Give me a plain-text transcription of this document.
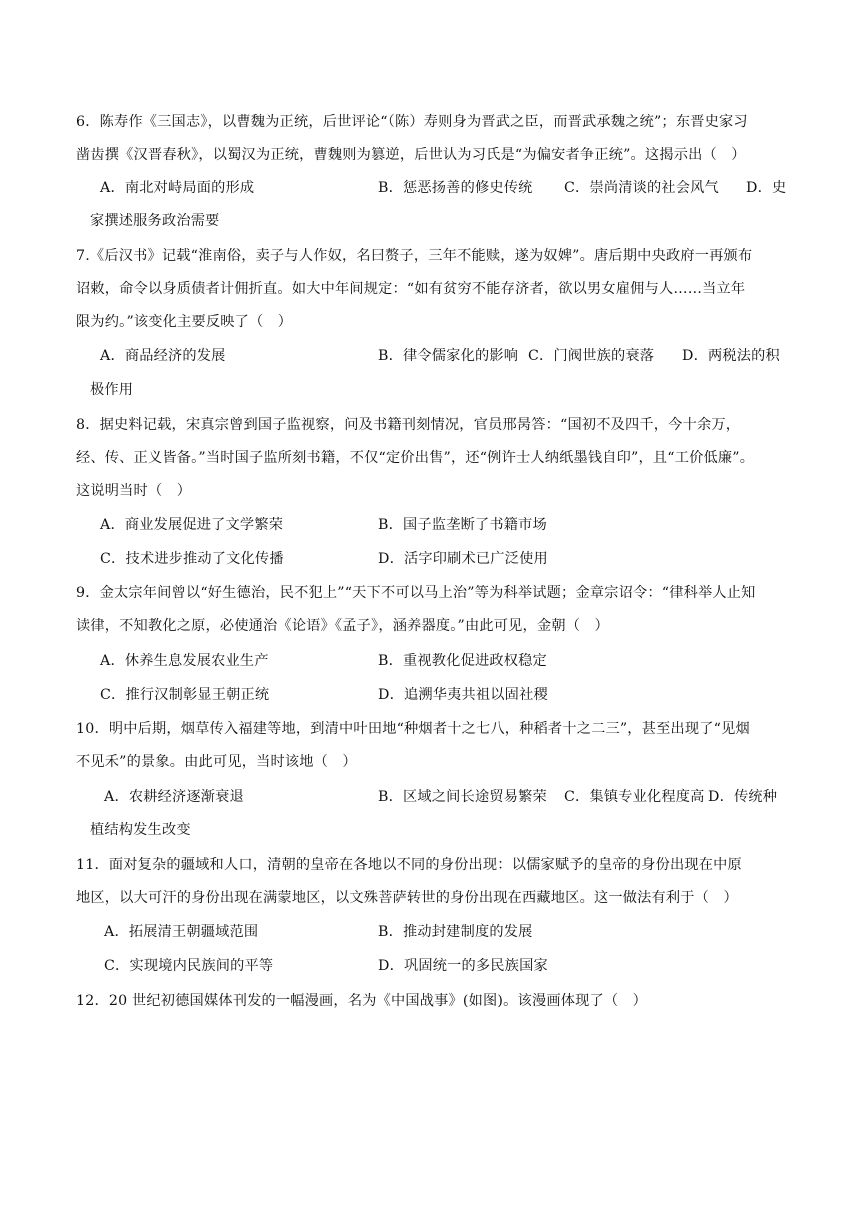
6．陈寿作《三国志》，以曹魏为正统，后世评论“（陈）寿则身为晋武之臣，而晋武承魏之统”；东晋史家习
凿齿撰《汉晋春秋》，以蜀汉为正统，曹魏则为篡逆，后世认为习氏是“为偏安者争正统”。这揭示出（　）
A．南北对峙局面的形成	B．惩恶扬善的修史传统 C．崇尚清谈的社会风气 D．史
家撰述服务政治需要
7.《后汉书》记载“淮南俗，卖子与人作奴，名曰赘子，三年不能赎，遂为奴婢”。唐后期中央政府一再颁布
诏敕，命令以身质债者计佣折直。如大中年间规定：“如有贫穷不能存济者，欲以男女雇佣与人……当立年
限为约。”该变化主要反映了（　）
A．商品经济的发展	B．律令儒家化的影响 C．门阀世族的衰落 D．两税法的积
极作用
8．据史料记载，宋真宗曾到国子监视察，问及书籍刊刻情况，官员邢昺答：“国初不及四千，今十余万，
经、传、正义皆备。”当时国子监所刻书籍，不仅“定价出售”，还“例许士人纳纸墨钱自印”，且“工价低廉”。
这说明当时（　）
A．商业发展促进了文学繁荣	B．国子监垄断了书籍市场
C．技术进步推动了文化传播	D．活字印刷术已广泛使用
9．金太宗年间曾以“好生德治，民不犯上”“天下不可以马上治”等为科举试题；金章宗诏令：“律科举人止知
读律，不知教化之原，必使通治《论语》《孟子》，涵养器度。”由此可见，金朝（　）
A．休养生息发展农业生产	B．重视教化促进政权稳定
C．推行汉制彰显王朝正统	D．追溯华夷共祖以固社稷
10．明中后期，烟草传入福建等地，到清中叶田地“种烟者十之七八，种稻者十之二三”，甚至出现了“见烟
不见禾”的景象。由此可见，当时该地（　）
A．农耕经济逐渐衰退	B．区域之间长途贸易繁荣 C．集镇专业化程度高 D．传统种
植结构发生改变
11．面对复杂的疆域和人口，清朝的皇帝在各地以不同的身份出现：以儒家赋予的皇帝的身份出现在中原
地区，以大可汗的身份出现在满蒙地区，以文殊菩萨转世的身份出现在西藏地区。这一做法有利于（　）
A．拓展清王朝疆域范围	B．推动封建制度的发展
C．实现境内民族间的平等	D．巩固统一的多民族国家
12．20 世纪初德国媒体刊发的一幅漫画，名为《中国战事》(如图)。该漫画体现了（　）
